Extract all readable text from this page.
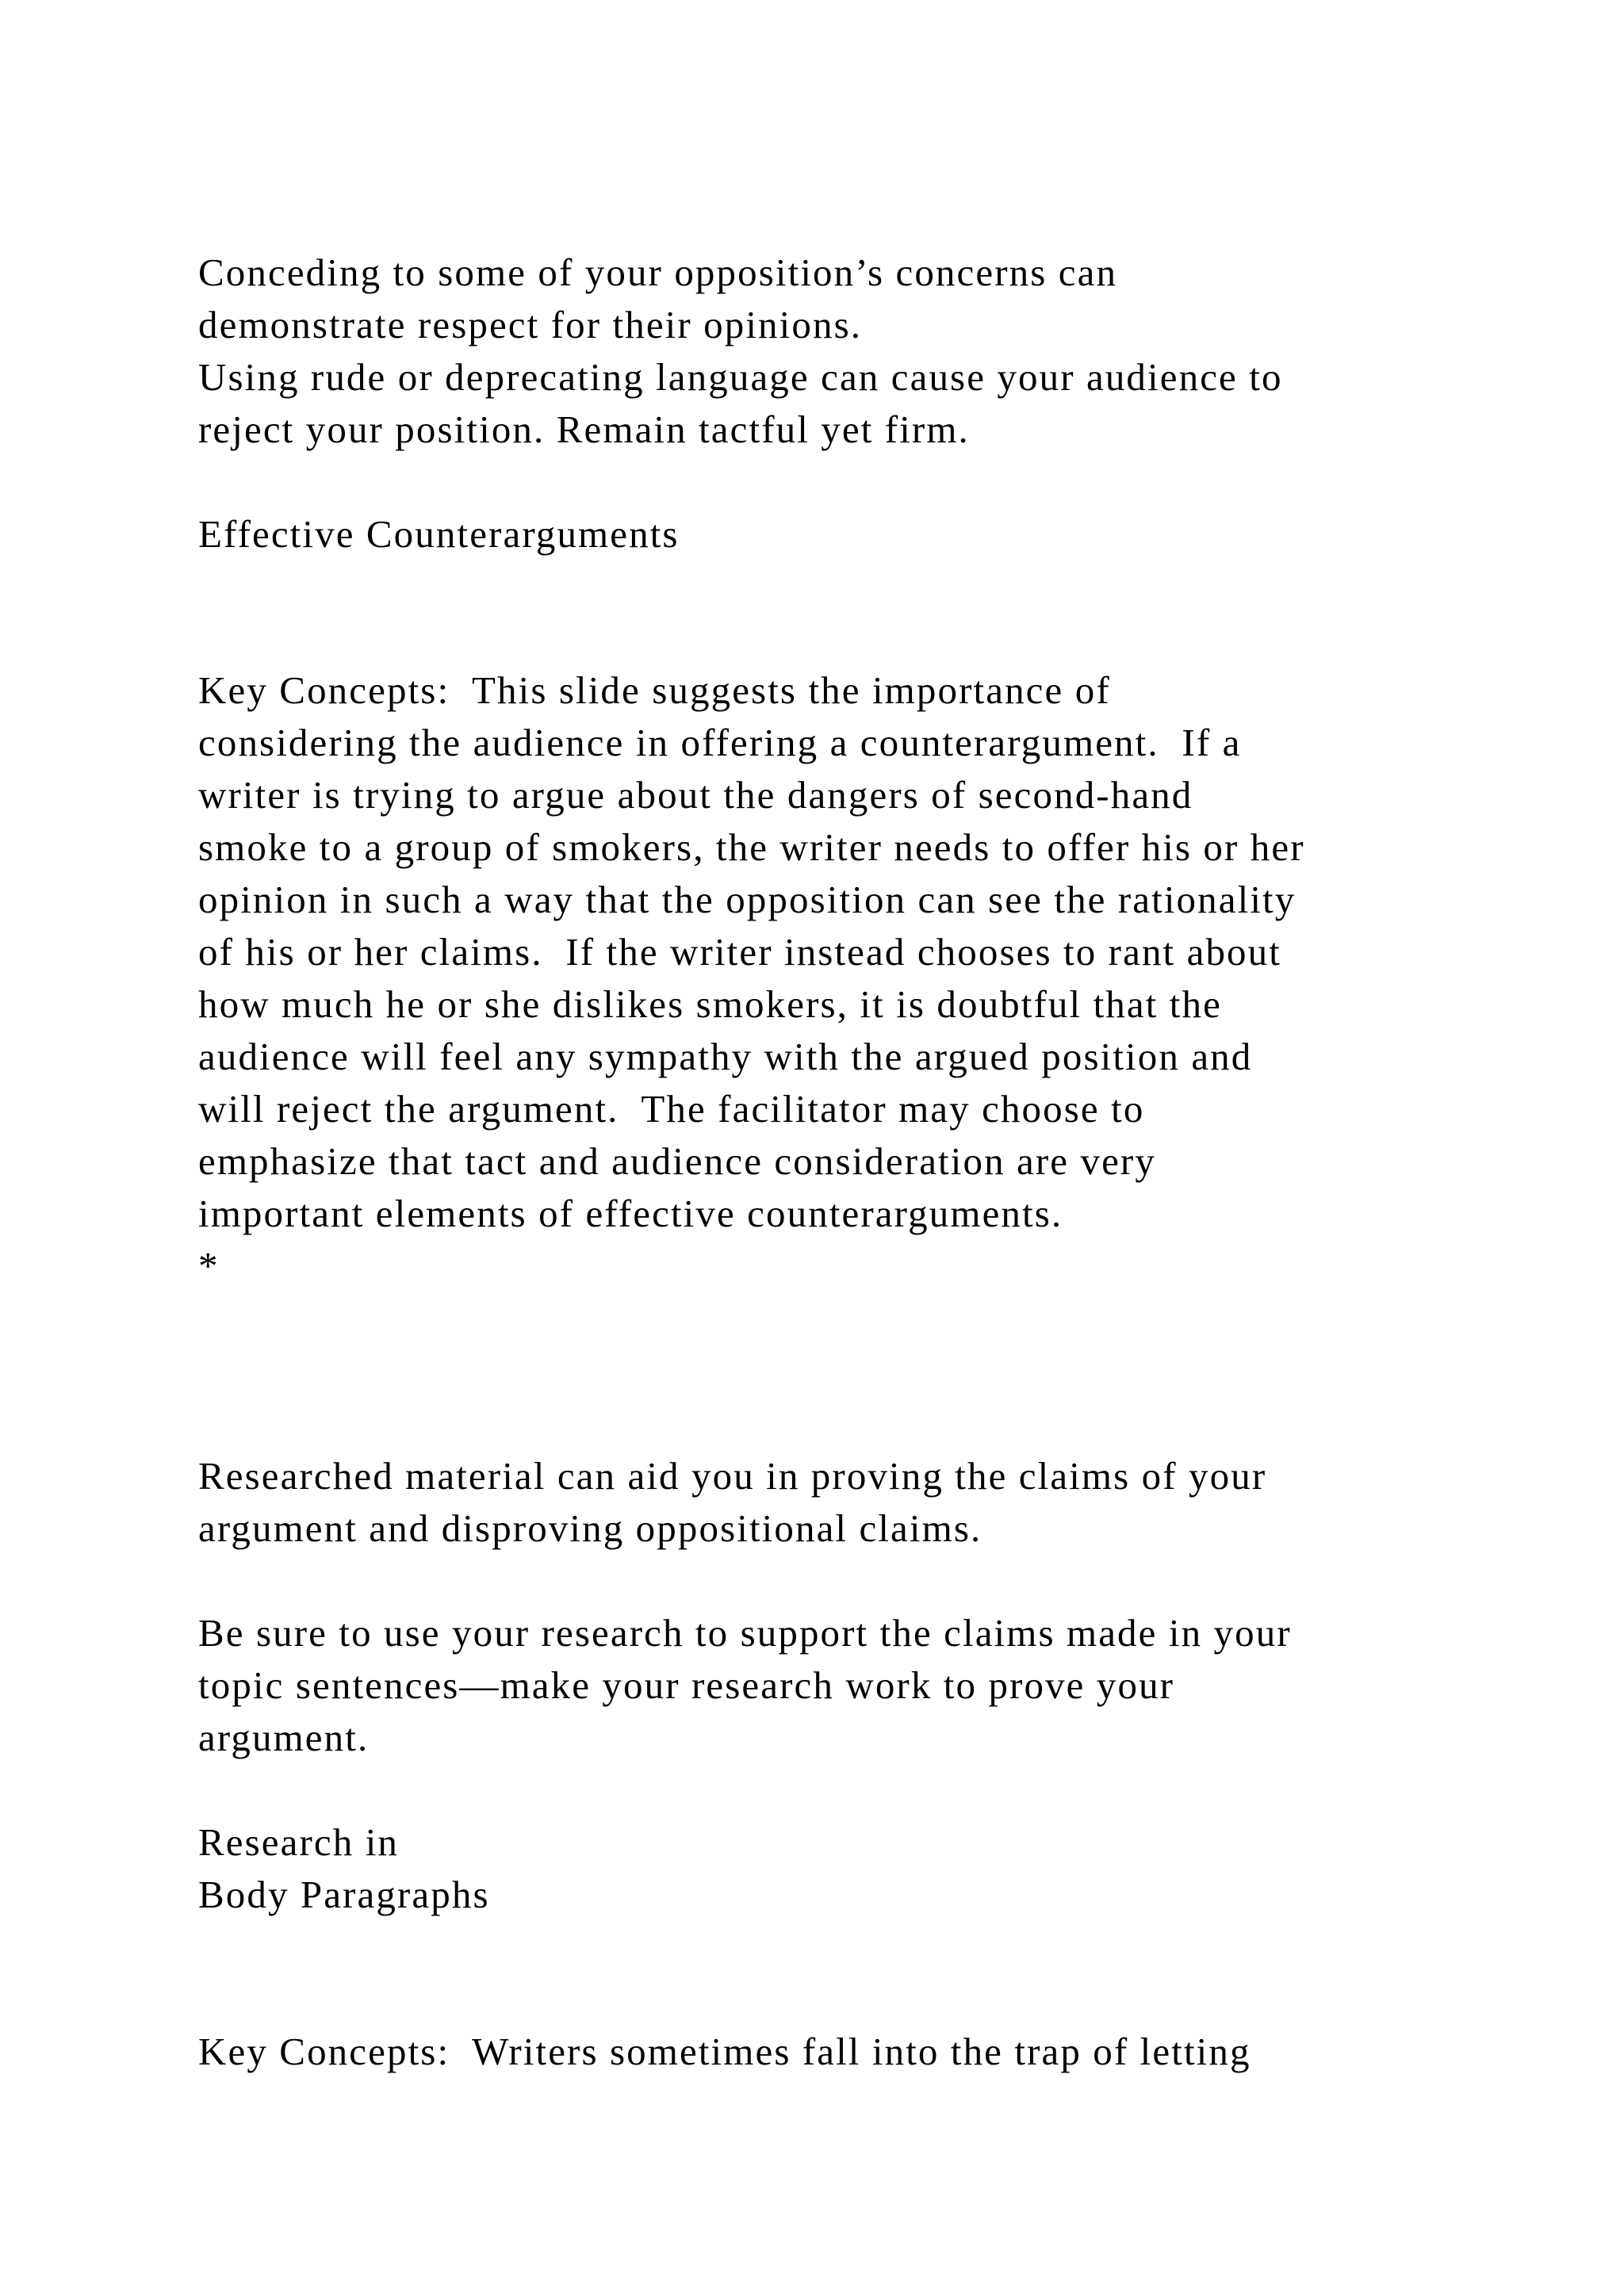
Conceding to some of your opposition’s concerns can
demonstrate respect for their opinions.
Using rude or deprecating language can cause your audience to
reject your position. Remain tactful yet firm.

Effective Counterarguments

Key Concepts:  This slide suggests the importance of
considering the audience in offering a counterargument.  If a
writer is trying to argue about the dangers of second-hand
smoke to a group of smokers, the writer needs to offer his or her
opinion in such a way that the opposition can see the rationality
of his or her claims.  If the writer instead chooses to rant about
how much he or she dislikes smokers, it is doubtful that the
audience will feel any sympathy with the argued position and
will reject the argument.  The facilitator may choose to
emphasize that tact and audience consideration are very
important elements of effective counterarguments.
*

Researched material can aid you in proving the claims of your
argument and disproving oppositional claims.

Be sure to use your research to support the claims made in your
topic sentences—make your research work to prove your
argument.

Research in
Body Paragraphs

Key Concepts:  Writers sometimes fall into the trap of letting
